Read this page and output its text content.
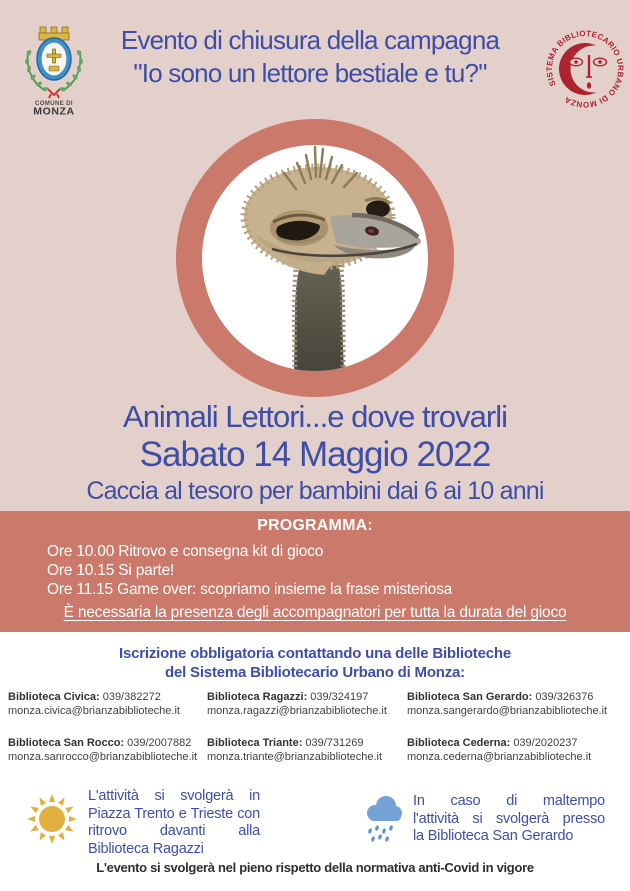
COMUNE DI
MONZA
Evento di chiusura della campagna
"Io sono un lettore bestiale e tu?"	SISTEMA BIBLIOTECARIO URBANO DI MONZA
Animali Lettori...e dove trovarli
Sabato 14 Maggio 2022
Caccia al tesoro per bambini dai 6 ai 10 anni
PROGRAMMA:
Ore 10.00 Ritrovo e consegna kit di gioco
Ore 10.15 Si parte!
Ore 11.15 Game over: scopriamo insieme la frase misteriosa
È necessaria la presenza degli accompagnatori per tutta la durata del gioco
Iscrizione obbligatoria contattando una delle Biblioteche
del Sistema Bibliotecario Urbano di Monza:
Biblioteca Civica: 039/382272
monza.civica@brianzabiblioteche.it
Biblioteca Ragazzi: 039/324197
monza.ragazzi@brianzabiblioteche.it
Biblioteca San Gerardo: 039/326376
monza.sangerardo@brianzabiblioteche.it
Biblioteca San Rocco: 039/2007882
monza.sanrocco@brianzabiblioteche.it
Biblioteca Triante: 039/731269
monza.triante@brianzabiblioteche.it
Biblioteca Cederna: 039/2020237
monza.cederna@brianzabiblioteche.it
L'attività si svolgerà in
Piazza Trento e Trieste con
ritrovo davanti alla
Biblioteca Ragazzi
In caso di maltempo
l'attività si svolgerà presso
la Biblioteca San Gerardo
L'evento si svolgerà nel pieno rispetto della normativa anti-Covid in vigore
